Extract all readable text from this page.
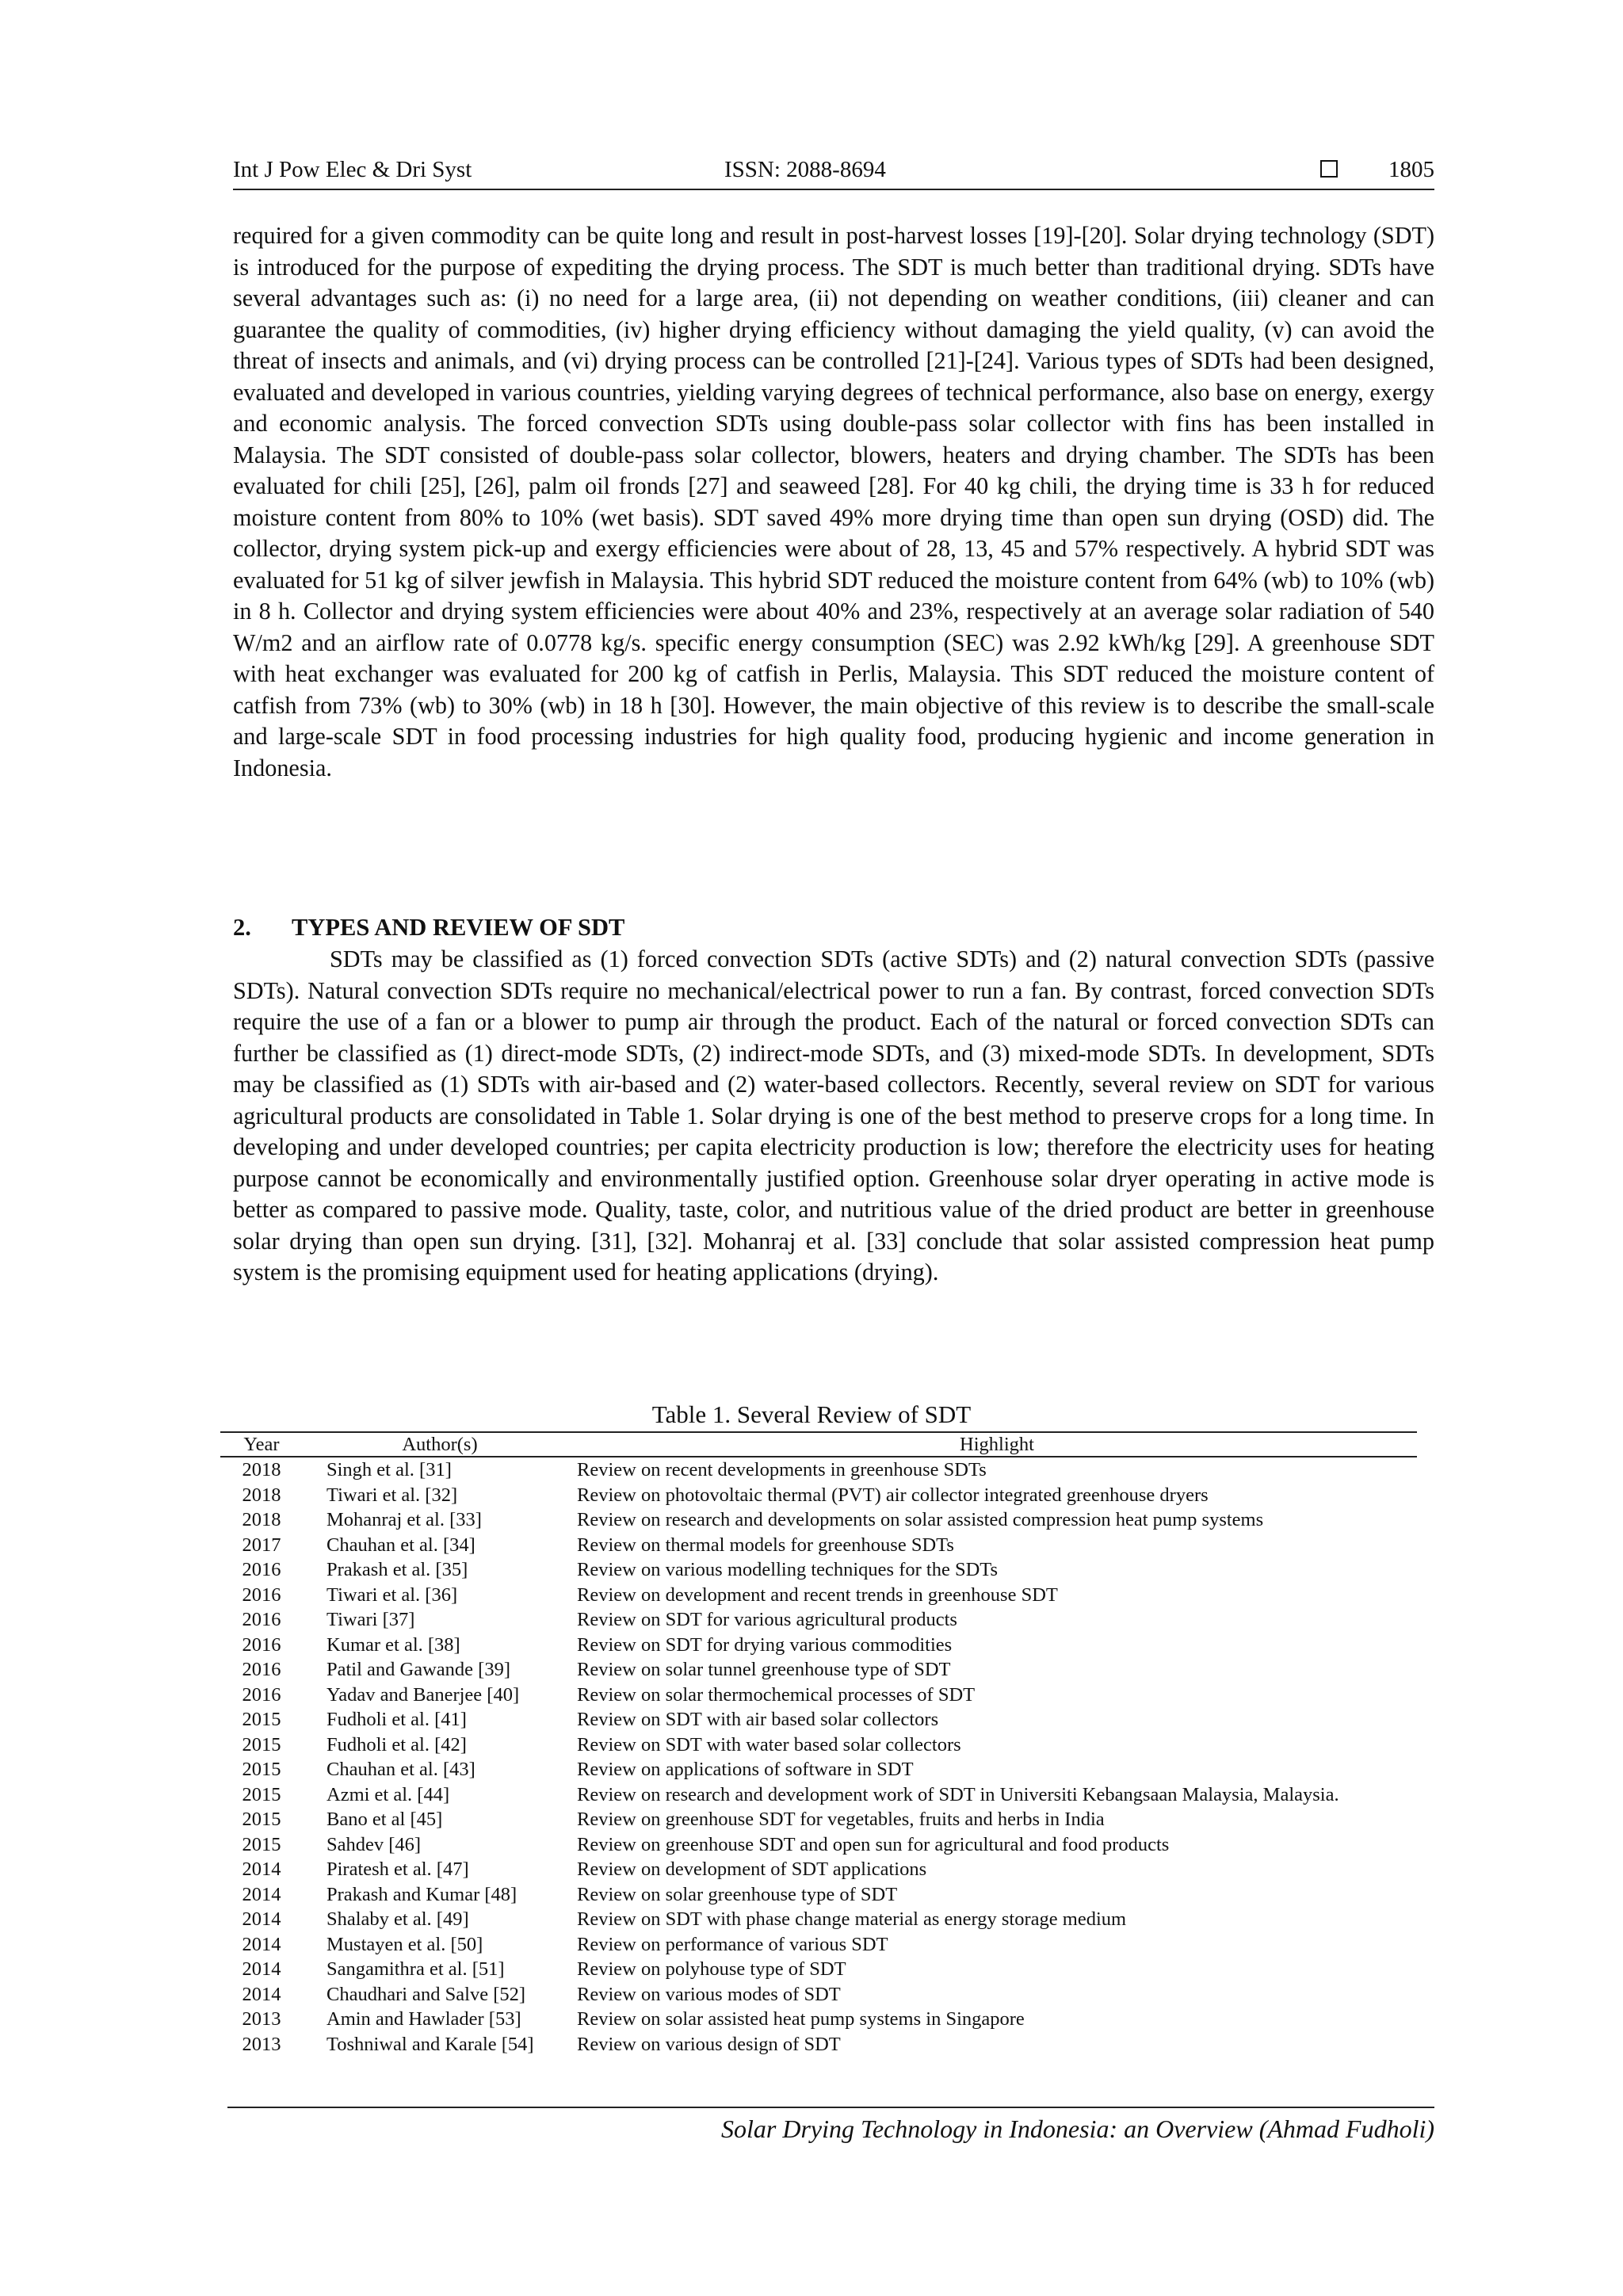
Int J Pow Elec & Dri Syst	ISSN: 2088-8694	1805

required for a given commodity can be quite long and result in post-harvest losses [19]-[20]. Solar drying technology (SDT) is introduced for the purpose of expediting the drying process. The SDT is much better than traditional drying. SDTs have several advantages such as: (i) no need for a large area, (ii) not depending on weather conditions, (iii) cleaner and can guarantee the quality of commodities, (iv) higher drying efficiency without damaging the yield quality, (v) can avoid the threat of insects and animals, and (vi) drying process can be controlled [21]-[24]. Various types of SDTs had been designed, evaluated and developed in various countries, yielding varying degrees of technical performance, also base on energy, exergy and economic analysis. The forced convection SDTs using double-pass solar collector with fins has been installed in Malaysia. The SDT consisted of double-pass solar collector, blowers, heaters and drying chamber. The SDTs has been evaluated for chili [25], [26], palm oil fronds [27] and seaweed [28]. For 40 kg chili, the drying time is 33 h for reduced moisture content from 80% to 10% (wet basis). SDT saved 49% more drying time than open sun drying (OSD) did. The collector, drying system pick-up and exergy efficiencies were about of 28, 13, 45 and 57% respectively. A hybrid SDT was evaluated for 51 kg of silver jewfish in Malaysia. This hybrid SDT reduced the moisture content from 64% (wb) to 10% (wb) in 8 h. Collector and drying system efficiencies were about 40% and 23%, respectively at an average solar radiation of 540 W/m2 and an airflow rate of 0.0778 kg/s. specific energy consumption (SEC) was 2.92 kWh/kg [29]. A greenhouse SDT with heat exchanger was evaluated for 200 kg of catfish in Perlis, Malaysia. This SDT reduced the moisture content of catfish from 73% (wb) to 30% (wb) in 18 h [30]. However, the main objective of this review is to describe the small-scale and large-scale SDT in food processing industries for high quality food, producing hygienic and income generation in Indonesia.

2. TYPES AND REVIEW OF SDT

SDTs may be classified as (1) forced convection SDTs (active SDTs) and (2) natural convection SDTs (passive SDTs). Natural convection SDTs require no mechanical/electrical power to run a fan. By contrast, forced convection SDTs require the use of a fan or a blower to pump air through the product. Each of the natural or forced convection SDTs can further be classified as (1) direct-mode SDTs, (2) indirect-mode SDTs, and (3) mixed-mode SDTs. In development, SDTs may be classified as (1) SDTs with air-based and (2) water-based collectors. Recently, several review on SDT for various agricultural products are consolidated in Table 1. Solar drying is one of the best method to preserve crops for a long time. In developing and under developed countries; per capita electricity production is low; therefore the electricity uses for heating purpose cannot be economically and environmentally justified option. Greenhouse solar dryer operating in active mode is better as compared to passive mode. Quality, taste, color, and nutritious value of the dried product are better in greenhouse solar drying than open sun drying. [31], [32]. Mohanraj et al. [33] conclude that solar assisted compression heat pump system is the promising equipment used for heating applications (drying).

Table 1. Several Review of SDT
Year	Author(s)	Highlight
2018	Singh et al. [31]	Review on recent developments in greenhouse SDTs
2018	Tiwari et al. [32]	Review on photovoltaic thermal (PVT) air collector integrated greenhouse dryers
2018	Mohanraj et al. [33]	Review on research and developments on solar assisted compression heat pump systems
2017	Chauhan et al. [34]	Review on thermal models for greenhouse SDTs
2016	Prakash et al. [35]	Review on various modelling techniques for the SDTs
2016	Tiwari et al. [36]	Review on development and recent trends in greenhouse SDT
2016	Tiwari [37]	Review on SDT for various agricultural products
2016	Kumar et al. [38]	Review on SDT for drying various commodities
2016	Patil and Gawande [39]	Review on solar tunnel greenhouse type of SDT
2016	Yadav and Banerjee [40]	Review on solar thermochemical processes of SDT
2015	Fudholi et al. [41]	Review on SDT with air based solar collectors
2015	Fudholi et al. [42]	Review on SDT with water based solar collectors
2015	Chauhan et al. [43]	Review on applications of software in SDT
2015	Azmi et al. [44]	Review on research and development work of SDT in Universiti Kebangsaan Malaysia, Malaysia.
2015	Bano et al [45]	Review on greenhouse SDT for vegetables, fruits and herbs in India
2015	Sahdev [46]	Review on greenhouse SDT and open sun for agricultural and food products
2014	Piratesh et al. [47]	Review on development of SDT applications
2014	Prakash and Kumar [48]	Review on solar greenhouse type of SDT
2014	Shalaby et al. [49]	Review on SDT with phase change material as energy storage medium
2014	Mustayen et al. [50]	Review on performance of various SDT
2014	Sangamithra et al. [51]	Review on polyhouse type of SDT
2014	Chaudhari and Salve [52]	Review on various modes of SDT
2013	Amin and Hawlader [53]	Review on solar assisted heat pump systems in Singapore
2013	Toshniwal and Karale [54]	Review on various design of SDT
Solar Drying Technology in Indonesia: an Overview (Ahmad Fudholi)
